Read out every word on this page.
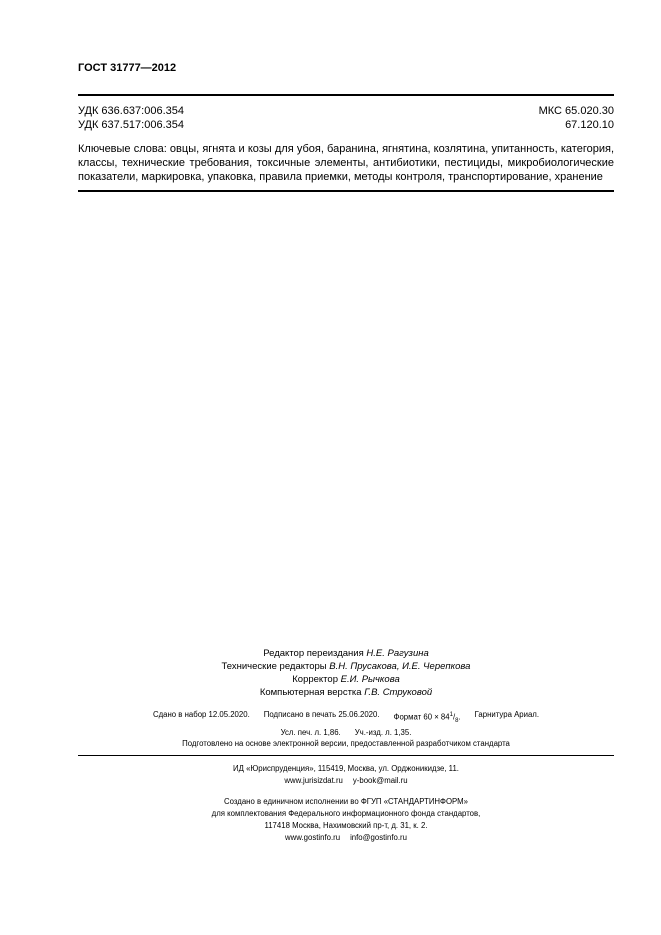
ГОСТ 31777—2012
УДК 636.637:006.354
УДК 637.517:006.354
МКС 65.020.30
67.120.10
Ключевые слова: овцы, ягнята и козы для убоя, баранина, ягнятина, козлятина, упитанность, категория, классы, технические требования, токсичные элементы, антибиотики, пестициды, микробиологические показатели, маркировка, упаковка, правила приемки, методы контроля, транспортирование, хранение
Редактор переиздания Н.Е. Рагузина
Технические редакторы В.Н. Прусакова, И.Е. Черепкова
Корректор Е.И. Рычкова
Компьютерная верстка Г.В. Струковой
Сдано в набор 12.05.2020. Подписано в печать 25.06.2020. Формат $60 \times 84^1/_8$. Гарнитура Ариал.
Усл. печ. л. 1,86. Уч.-изд. л. 1,35.
Подготовлено на основе электронной версии, предоставленной разработчиком стандарта
ИД «Юриспруденция», 115419, Москва, ул. Орджоникидзе, 11.
www.jurisizdat.ru y-book@mail.ru
Создано в единичном исполнении во ФГУП «СТАНДАРТИНФОРМ»
для комплектования Федерального информационного фонда стандартов,
117418 Москва, Нахимовский пр-т, д. 31, к. 2.
www.gostinfo.ru info@gostinfo.ru
